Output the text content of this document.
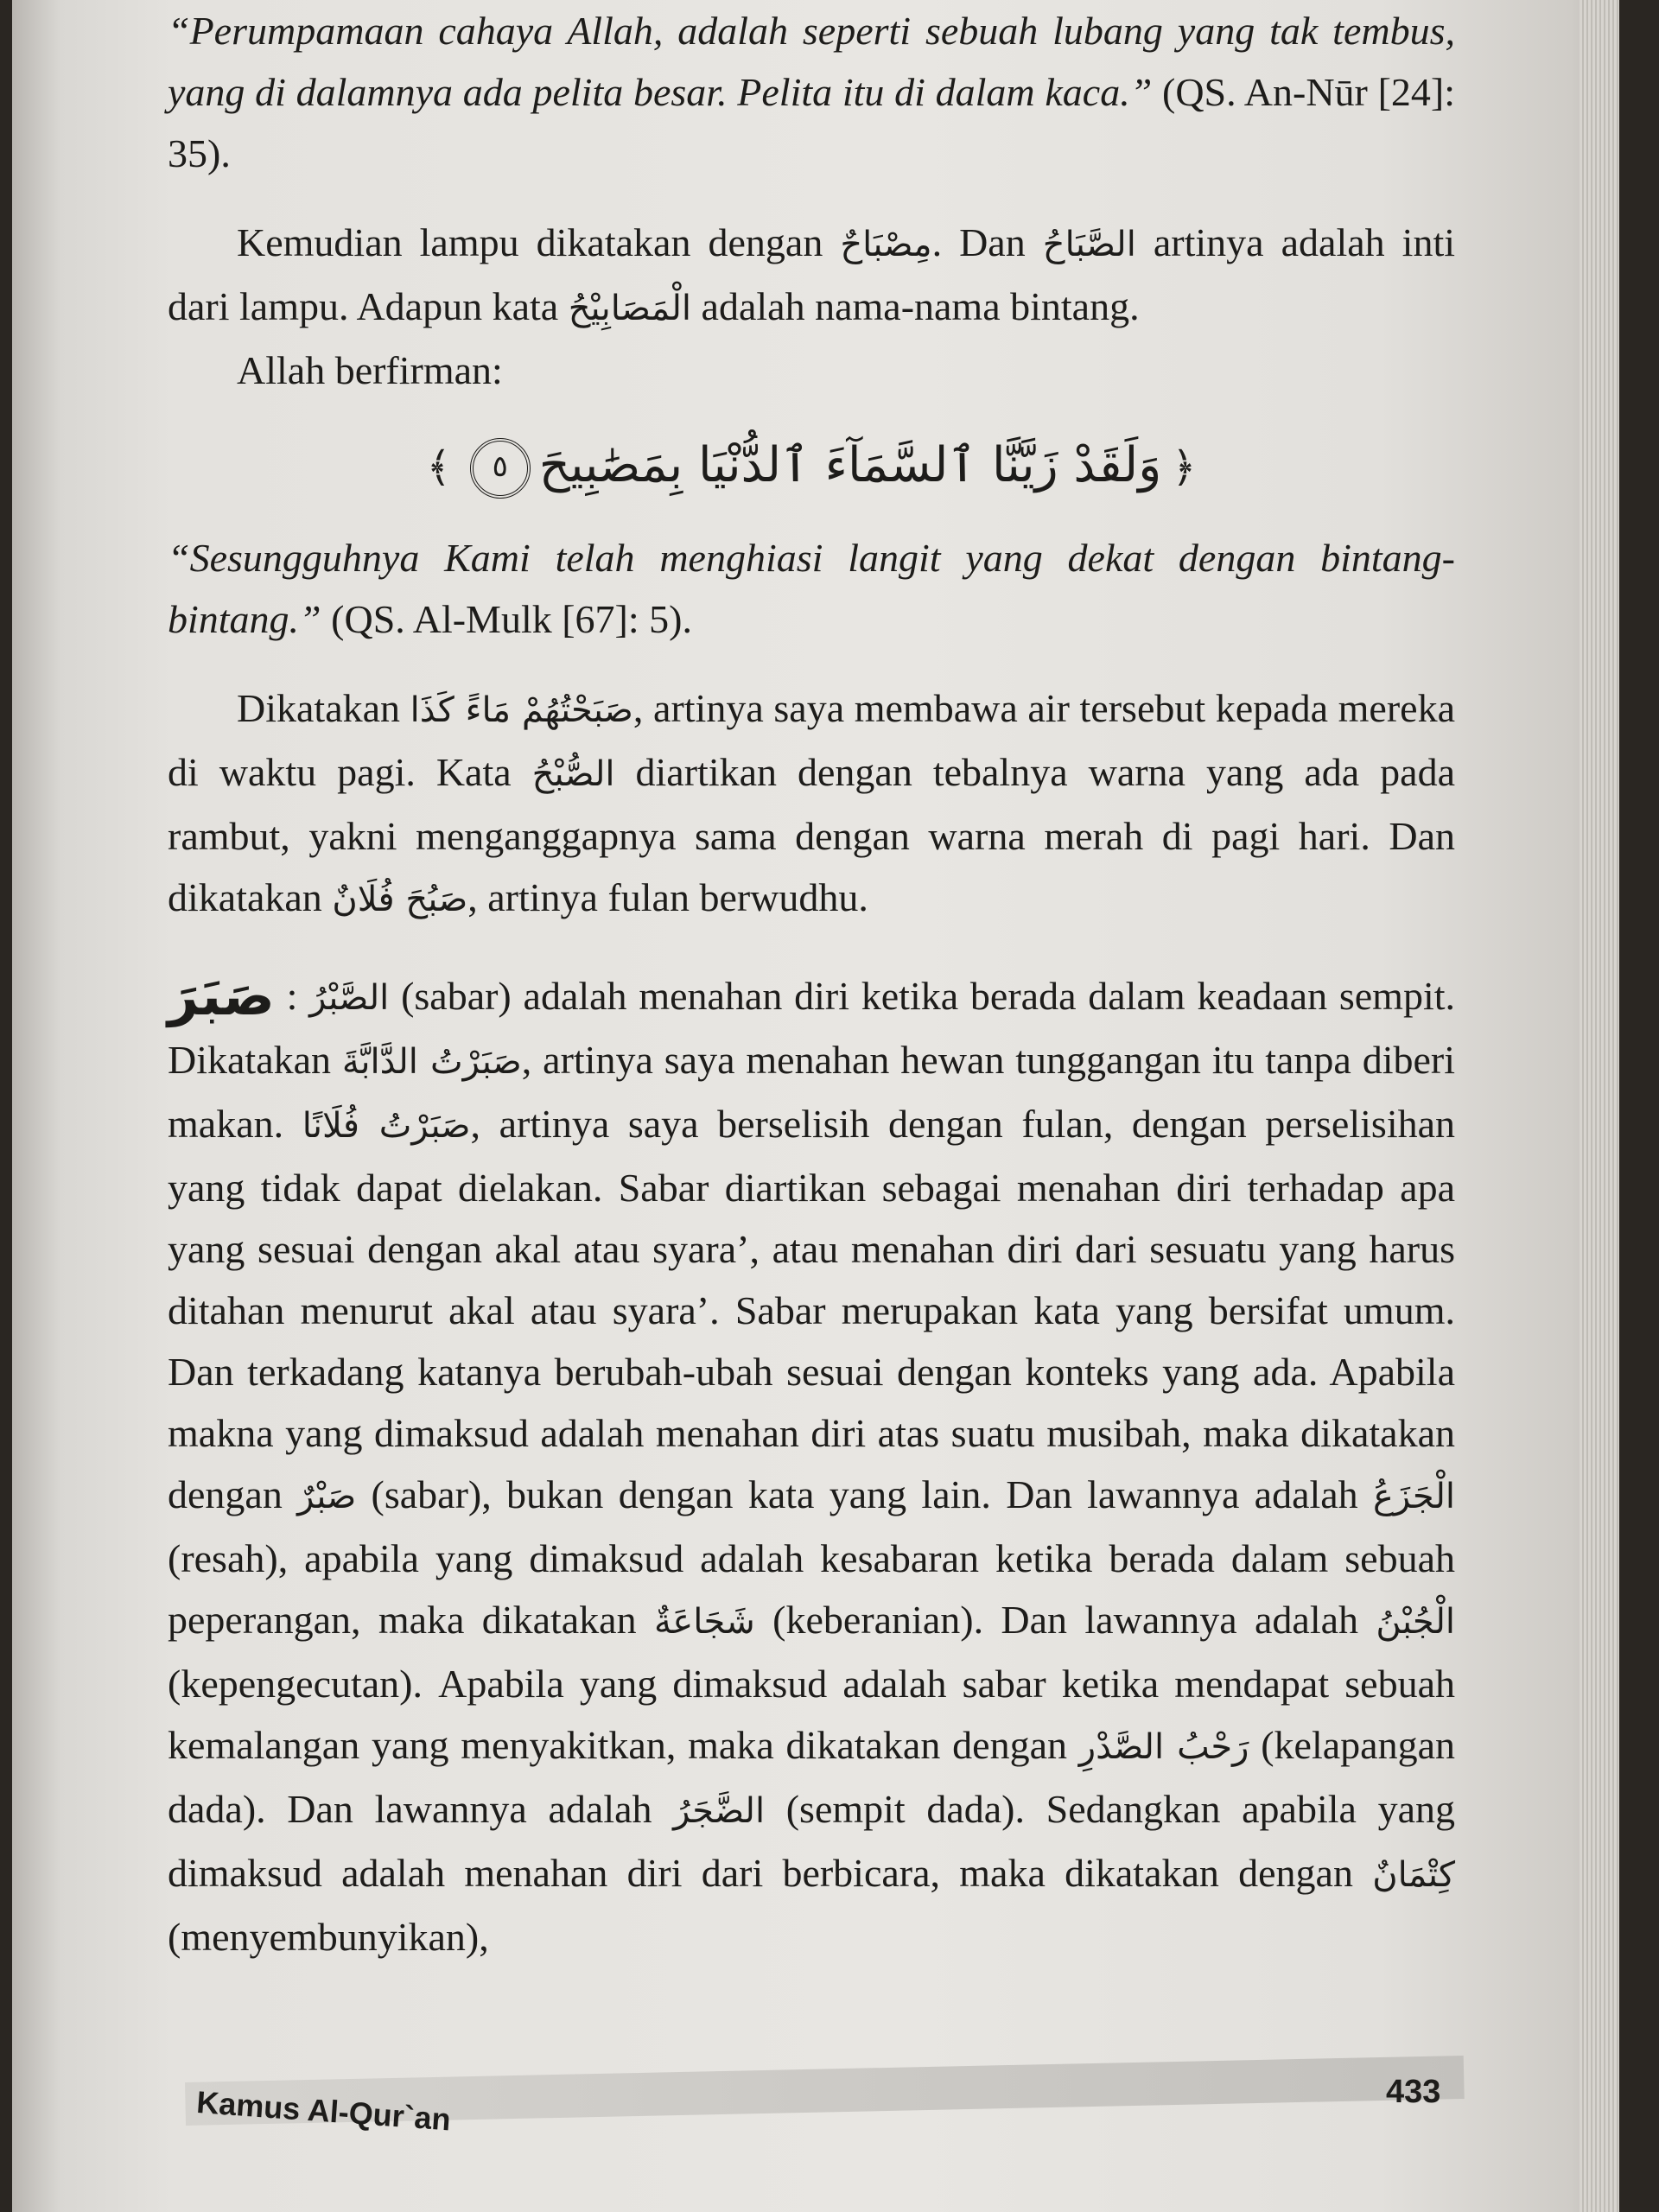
“Perumpamaan cahaya Allah, adalah seperti sebuah lubang yang tak tembus, yang di dalamnya ada pelita besar. Pelita itu di dalam kaca.” (QS. An-Nūr [24]: 35).

Kemudian lampu dikatakan dengan مِصْبَاحٌ. Dan الصَّبَاحُ artinya adalah inti dari lampu. Adapun kata الْمَصَابِيْحُ adalah nama-nama bintang.

Allah berfirman:

﴿وَلَقَدْ زَيَّنَّا ٱلسَّمَآءَ ٱلدُّنْيَا بِمَصَٰبِيحَ٥﴾

“Sesungguhnya Kami telah menghiasi langit yang dekat dengan bintang-bintang.” (QS. Al-Mulk [67]: 5).

Dikatakan صَبَحْتُهُمْ مَاءً كَذَا, artinya saya membawa air tersebut kepada mereka di waktu pagi. Kata الصُّبْحُ diartikan dengan tebalnya warna yang ada pada rambut, yakni menganggapnya sama dengan warna merah di pagi hari. Dan dikatakan صَبُحَ فُلَانٌ, artinya fulan berwudhu.

صَبَرَ : الصَّبْرُ (sabar) adalah menahan diri ketika berada dalam keadaan sempit. Dikatakan صَبَرْتُ الدَّابَّةَ, artinya saya menahan hewan tunggangan itu tanpa diberi makan. صَبَرْتُ فُلَانًا, artinya saya berselisih dengan fulan, dengan perselisihan yang tidak dapat dielakan. Sabar diartikan sebagai menahan diri terhadap apa yang sesuai dengan akal atau syara’, atau menahan diri dari sesuatu yang harus ditahan menurut akal atau syara’. Sabar merupakan kata yang bersifat umum. Dan terkadang katanya berubah-ubah sesuai dengan konteks yang ada. Apabila makna yang dimaksud adalah menahan diri atas suatu musibah, maka dikatakan dengan صَبْرٌ (sabar), bukan dengan kata yang lain. Dan lawannya adalah الْجَزَعُ (resah), apabila yang dimaksud adalah kesabaran ketika berada dalam sebuah peperangan, maka dikatakan شَجَاعَةٌ (keberanian). Dan lawannya adalah الْجُبْنُ (kepengecutan). Apabila yang dimaksud adalah sabar ketika mendapat sebuah kemalangan yang menyakitkan, maka dikatakan dengan رَحْبُ الصَّدْرِ (kelapangan dada). Dan lawannya adalah الضَّجَرُ (sempit dada). Sedangkan apabila yang dimaksud adalah menahan diri dari berbicara, maka dikatakan dengan كِتْمَانٌ (menyembunyikan),

Kamus Al-Qur`an	433
